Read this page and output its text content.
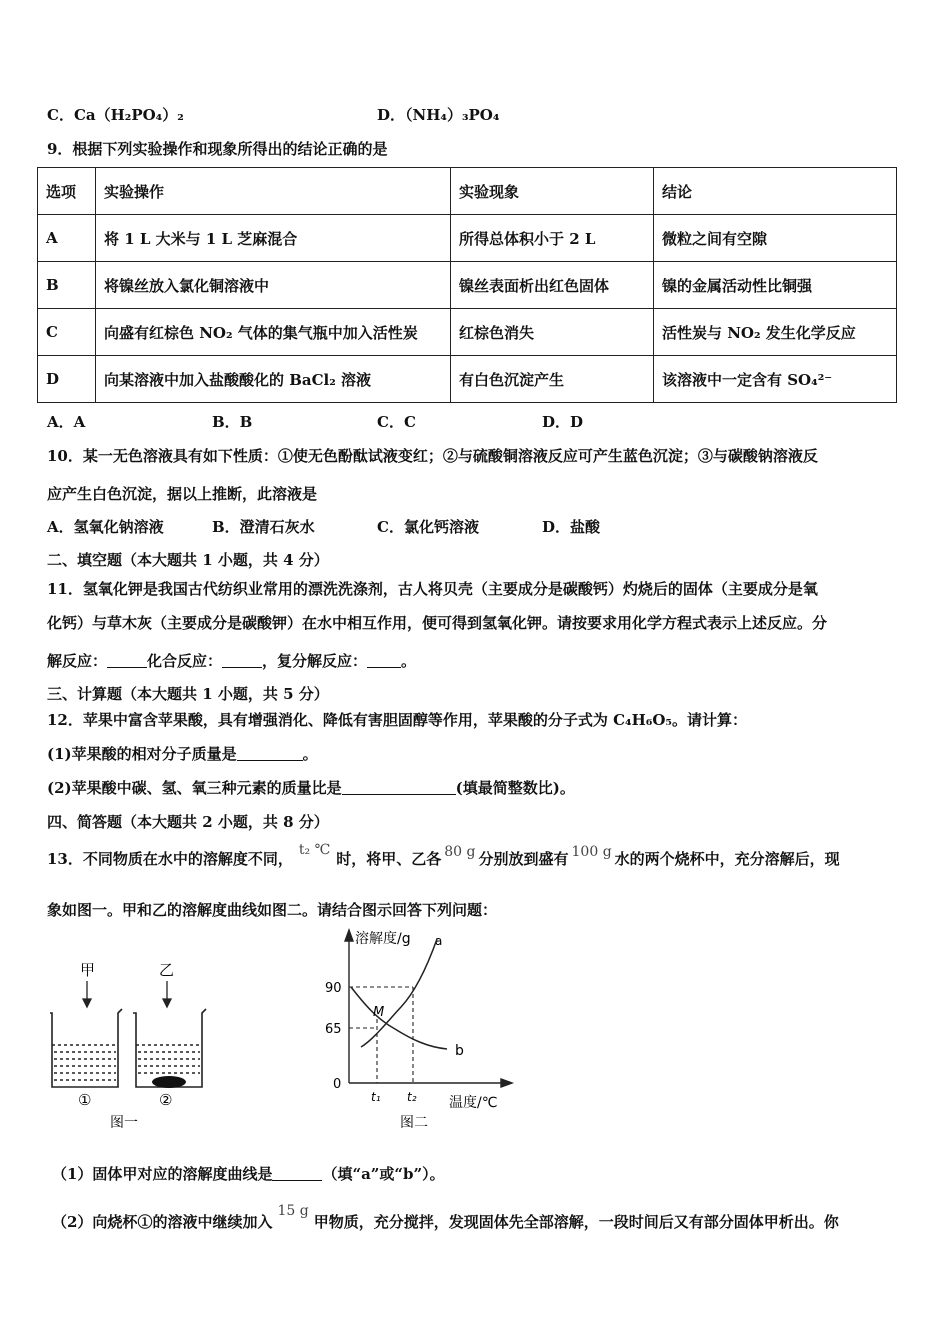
C．Ca（H₂PO₄）₂	D．（NH₄）₃PO₄
9．根据下列实验操作和现象所得出的结论正确的是
选项	实验操作	实验现象	结论
A	将 1 L 大米与 1 L 芝麻混合	所得总体积小于 2 L	微粒之间有空隙
B	将镍丝放入氯化铜溶液中	镍丝表面析出红色固体	镍的金属活动性比铜强
C	向盛有红棕色 NO₂ 气体的集气瓶中加入活性炭	红棕色消失	活性炭与 NO₂ 发生化学反应
D	向某溶液中加入盐酸酸化的 BaCl₂ 溶液	有白色沉淀产生	该溶液中一定含有 SO₄²⁻
A．A	B．B	C．C	D．D
10．某一无色溶液具有如下性质：①使无色酚酞试液变红；②与硫酸铜溶液反应可产生蓝色沉淀；③与碳酸钠溶液反
应产生白色沉淀，据以上推断，此溶液是
A．氢氧化钠溶液	B．澄清石灰水	C．氯化钙溶液	D．盐酸
二、填空题（本大题共 1 小题，共 4 分）
11．氢氧化钾是我国古代纺织业常用的漂洗洗涤剂，古人将贝壳（主要成分是碳酸钙）灼烧后的固体（主要成分是氧
化钙）与草木灰（主要成分是碳酸钾）在水中相互作用，便可得到氢氧化钾。请按要求用化学方程式表示上述反应。分
解反应：	化合反应：	，复分解反应： 。
三、计算题（本大题共 1 小题，共 5 分）
12．苹果中富含苹果酸，具有增强消化、降低有害胆固醇等作用，苹果酸的分子式为 C₄H₆O₅。请计算：
(1)苹果酸的相对分子质量是	。
(2)苹果酸中碳、氢、氧三种元素的质量比是	(填最简整数比)。
四、简答题（本大题共 2 小题，共 8 分）
13．不同物质在水中的溶解度不同， t₂ ℃ 时，将甲、乙各 80 g 分别放到盛有 100 g 水的两个烧杯中，充分溶解后，现
象如图一。甲和乙的溶解度曲线如图二。请结合图示回答下列问题：
甲	乙
①	②
图一
溶解度/g a
90
65
0
M
b
t₁ t₂ 温度/℃
图二
（1）固体甲对应的溶解度曲线是	（填“a”或“b”）。
（2）向烧杯①的溶液中继续加入15 g甲物质，充分搅拌，发现固体先全部溶解，一段时间后又有部分固体甲析出。你
